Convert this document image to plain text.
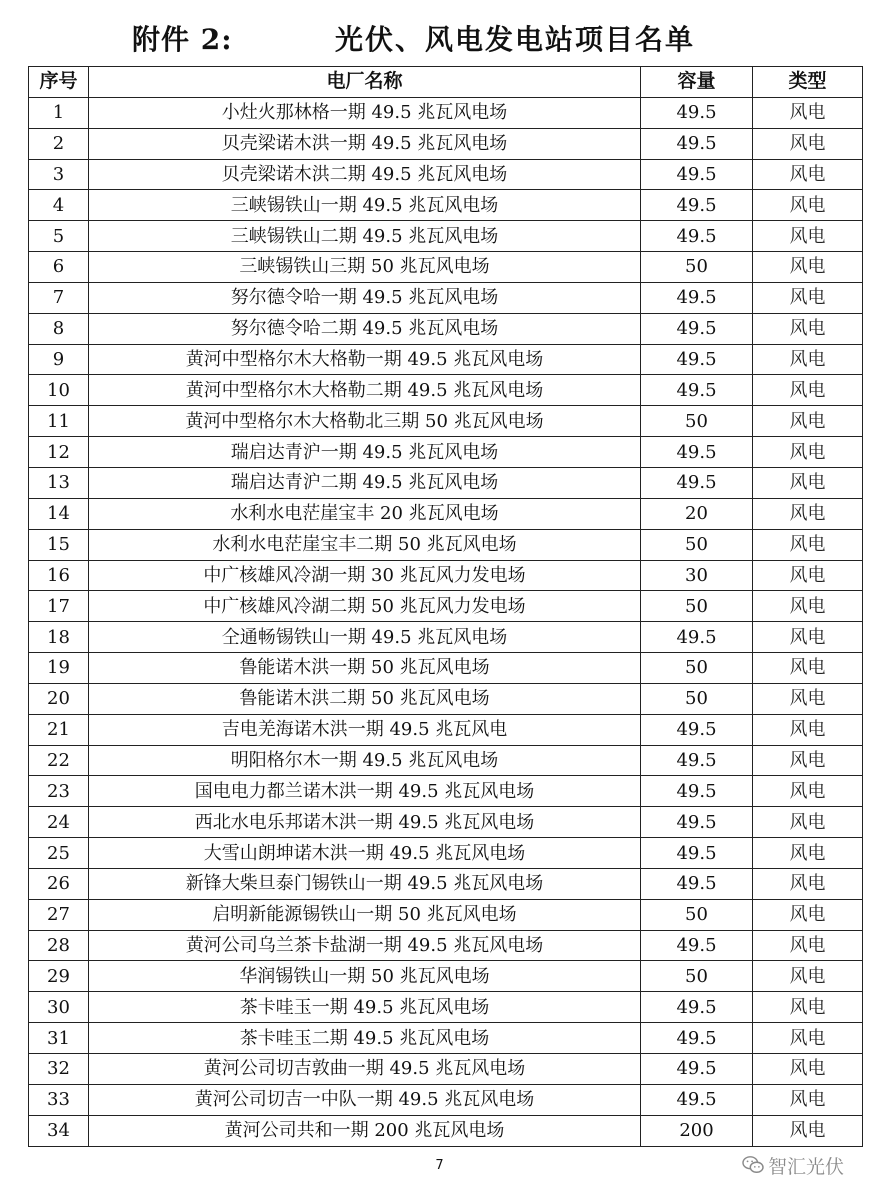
附件 2:	光伏、风电发电站项目名单
序号	电厂名称	容量	类型
1	小灶火那林格一期 49.5 兆瓦风电场	49.5	风电
2	贝壳梁诺木洪一期 49.5 兆瓦风电场	49.5	风电
3	贝壳梁诺木洪二期 49.5 兆瓦风电场	49.5	风电
4	三峡锡铁山一期 49.5 兆瓦风电场	49.5	风电
5	三峡锡铁山二期 49.5 兆瓦风电场	49.5	风电
6	三峡锡铁山三期 50 兆瓦风电场	50	风电
7	努尔德令哈一期 49.5 兆瓦风电场	49.5	风电
8	努尔德令哈二期 49.5 兆瓦风电场	49.5	风电
9	黄河中型格尔木大格勒一期 49.5 兆瓦风电场	49.5	风电
10	黄河中型格尔木大格勒二期 49.5 兆瓦风电场	49.5	风电
11	黄河中型格尔木大格勒北三期 50 兆瓦风电场	50	风电
12	瑞启达青沪一期 49.5 兆瓦风电场	49.5	风电
13	瑞启达青沪二期 49.5 兆瓦风电场	49.5	风电
14	水利水电茫崖宝丰 20 兆瓦风电场	20	风电
15	水利水电茫崖宝丰二期 50 兆瓦风电场	50	风电
16	中广核雄风冷湖一期 30 兆瓦风力发电场	30	风电
17	中广核雄风冷湖二期 50 兆瓦风力发电场	50	风电
18	仝通畅锡铁山一期 49.5 兆瓦风电场	49.5	风电
19	鲁能诺木洪一期 50 兆瓦风电场	50	风电
20	鲁能诺木洪二期 50 兆瓦风电场	50	风电
21	吉电羌海诺木洪一期 49.5 兆瓦风电	49.5	风电
22	明阳格尔木一期 49.5 兆瓦风电场	49.5	风电
23	国电电力都兰诺木洪一期 49.5 兆瓦风电场	49.5	风电
24	西北水电乐邦诺木洪一期 49.5 兆瓦风电场	49.5	风电
25	大雪山朗坤诺木洪一期 49.5 兆瓦风电场	49.5	风电
26	新锋大柴旦泰门锡铁山一期 49.5 兆瓦风电场	49.5	风电
27	启明新能源锡铁山一期 50 兆瓦风电场	50	风电
28	黄河公司乌兰茶卡盐湖一期 49.5 兆瓦风电场	49.5	风电
29	华润锡铁山一期 50 兆瓦风电场	50	风电
30	茶卡哇玉一期 49.5 兆瓦风电场	49.5	风电
31	茶卡哇玉二期 49.5 兆瓦风电场	49.5	风电
32	黄河公司切吉敦曲一期 49.5 兆瓦风电场	49.5	风电
33	黄河公司切吉一中队一期 49.5 兆瓦风电场	49.5	风电
34	黄河公司共和一期 200 兆瓦风电场	200	风电
7	智汇光伏
